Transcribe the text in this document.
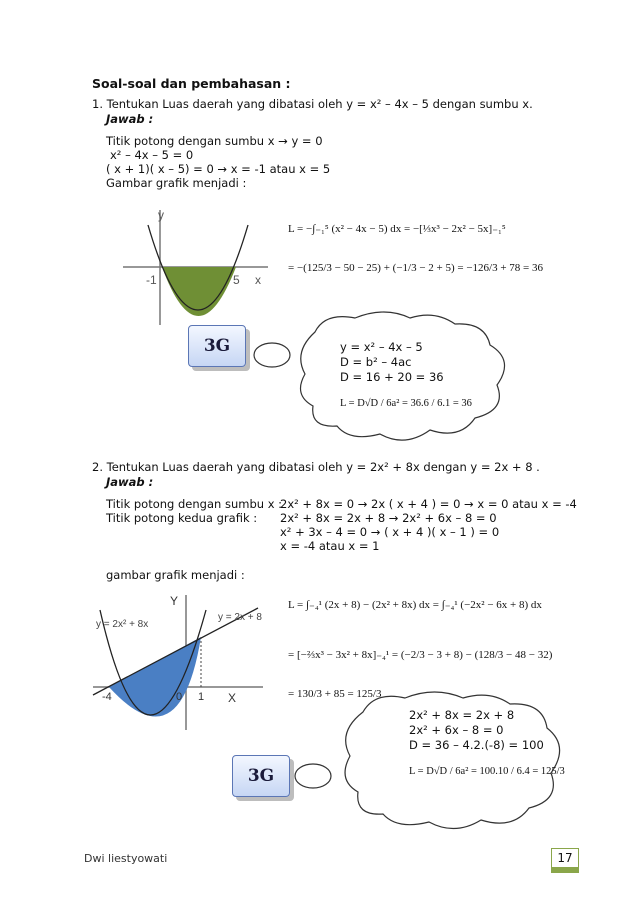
Soal-soal dan pembahasan :
1. Tentukan Luas daerah yang dibatasi oleh y = x² – 4x – 5 dengan sumbu x.
Jawab :
Titik potong dengan sumbu x → y = 0
x² – 4x – 5 = 0
( x + 1)( x – 5) = 0 → x = -1 atau x = 5
Gambar grafik menjadi :
y
x
-1	5
L = −∫₋₁⁵ (x² − 4x − 5) dx = −[⅓x³ − 2x² − 5x]₋₁⁵
= −(125/3 − 50 − 25) + (−1/3 − 2 + 5) = −126/3 + 78 = 36
3G	y = x² – 4x – 5
D = b² – 4ac
D = 16 + 20 = 36
L = D√D / 6a² = 36.6 / 6.1 = 36
2. Tentukan Luas daerah yang dibatasi oleh y = 2x² + 8x dengan y = 2x + 8 .
Jawab :
Titik potong dengan sumbu x :
2x² + 8x = 0 → 2x ( x + 4 ) = 0 → x = 0 atau x = -4
Titik potong kedua grafik : 2x² + 8x = 2x + 8 → 2x² + 6x – 8 = 0
x² + 3x – 4 = 0 → ( x + 4 )( x – 1 ) = 0
x = -4 atau x = 1
gambar grafik menjadi :
y = 2x² + 8x
y = 2x + 8
Y
X
-4	0 1
L = ∫₋₄¹ (2x + 8) − (2x² + 8x) dx = ∫₋₄¹ (−2x² − 6x + 8) dx
= [−⅔x³ − 3x² + 8x]₋₄¹ = (−2/3 − 3 + 8) − (128/3 − 48 − 32)
= 130/3 + 85 = 125/3
3G
2x² + 8x = 2x + 8
2x² + 6x – 8 = 0
D = 36 – 4.2.(-8) = 100
L = D√D / 6a² = 100.10 / 6.4 = 125/3
Dwi liestyowati	17
